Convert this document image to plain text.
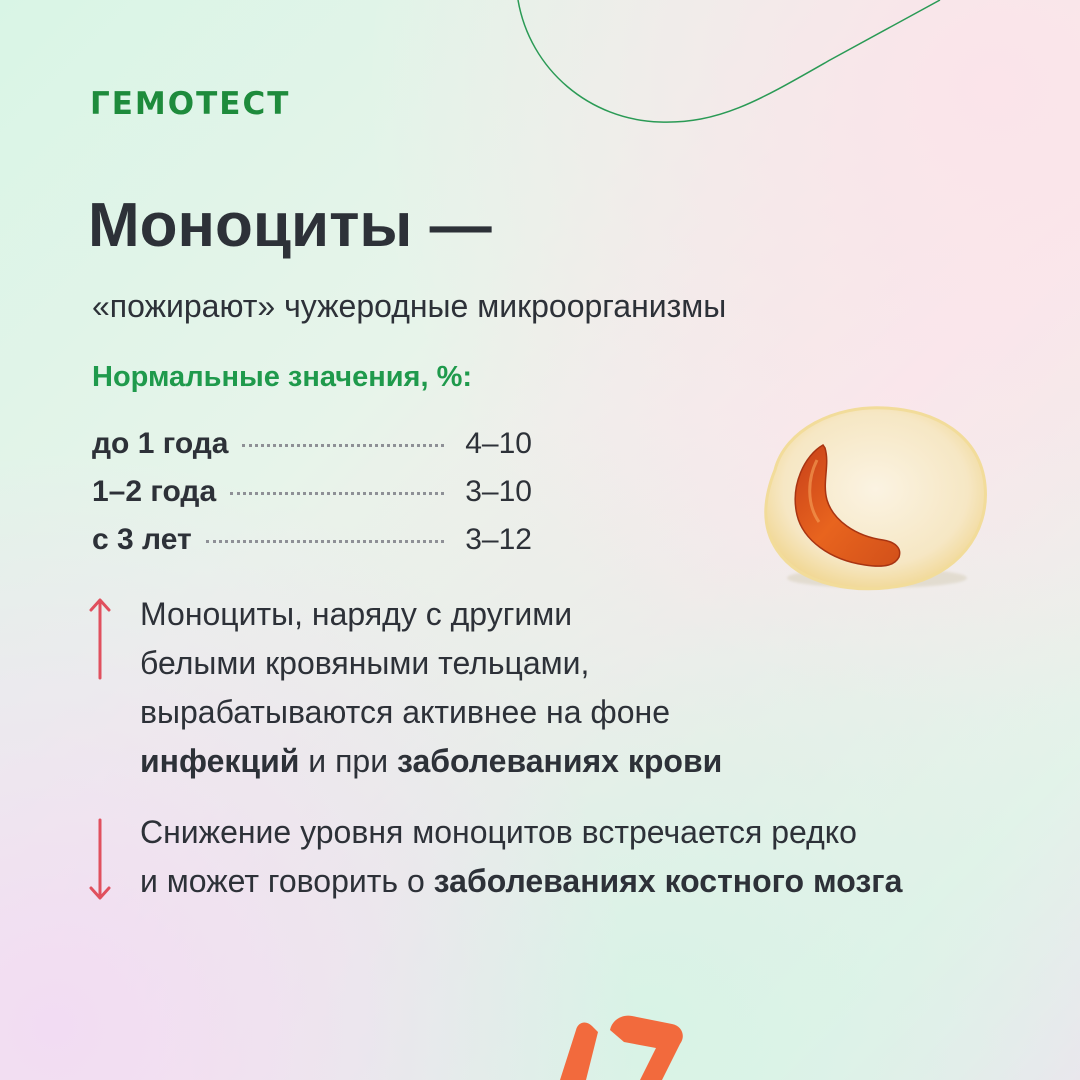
ГЕМОТЕСТ
Моноциты —

«пожирают» чужеродные микроорганизмы

Нормальные значения, %:

до 1 года	4–10
1–2 года	3–10
с 3 лет	3–12

Моноциты, наряду с другими
белыми кровяными тельцами,
вырабатываются активнее на фоне
инфекций и при заболеваниях крови

Снижение уровня моноцитов встречается редко
и может говорить о заболеваниях костного мозга
